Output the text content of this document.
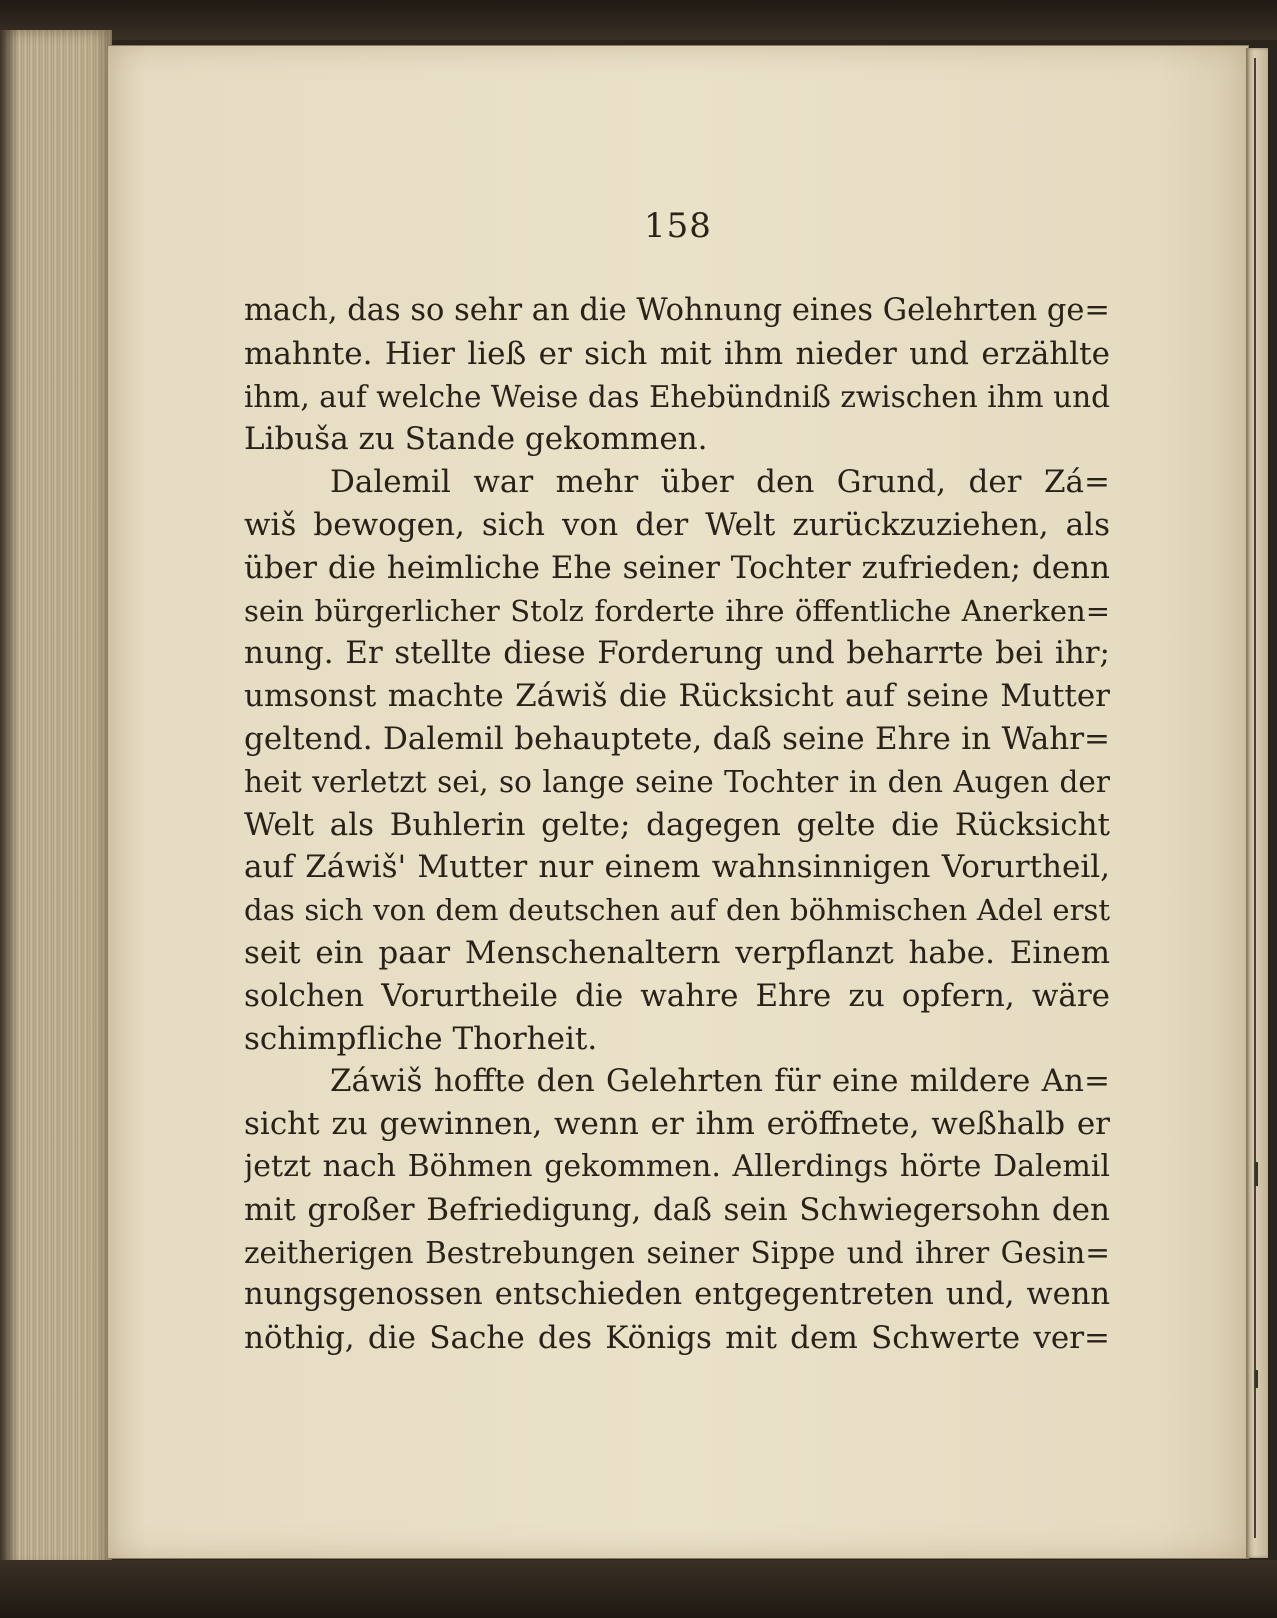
158
mach, das so sehr an die Wohnung eines Gelehrten ge=
mahnte. Hier ließ er sich mit ihm nieder und erzählte
ihm, auf welche Weise das Ehebündniß zwischen ihm und
Libuša zu Stande gekommen.
Dalemil war mehr über den Grund, der Zá=
wiš bewogen, sich von der Welt zurückzuziehen, als
über die heimliche Ehe seiner Tochter zufrieden; denn
sein bürgerlicher Stolz forderte ihre öffentliche Anerken=
nung. Er stellte diese Forderung und beharrte bei ihr;
umsonst machte Záwiš die Rücksicht auf seine Mutter
geltend. Dalemil behauptete, daß seine Ehre in Wahr=
heit verletzt sei, so lange seine Tochter in den Augen der
Welt als Buhlerin gelte; dagegen gelte die Rücksicht
auf Záwiš' Mutter nur einem wahnsinnigen Vorurtheil,
das sich von dem deutschen auf den böhmischen Adel erst
seit ein paar Menschenaltern verpflanzt habe. Einem
solchen Vorurtheile die wahre Ehre zu opfern, wäre
schimpfliche Thorheit.
Záwiš hoffte den Gelehrten für eine mildere An=
sicht zu gewinnen, wenn er ihm eröffnete, weßhalb er
jetzt nach Böhmen gekommen. Allerdings hörte Dalemil
mit großer Befriedigung, daß sein Schwiegersohn den
zeitherigen Bestrebungen seiner Sippe und ihrer Gesin=
nungsgenossen entschieden entgegentreten und, wenn
nöthig, die Sache des Königs mit dem Schwerte ver=
